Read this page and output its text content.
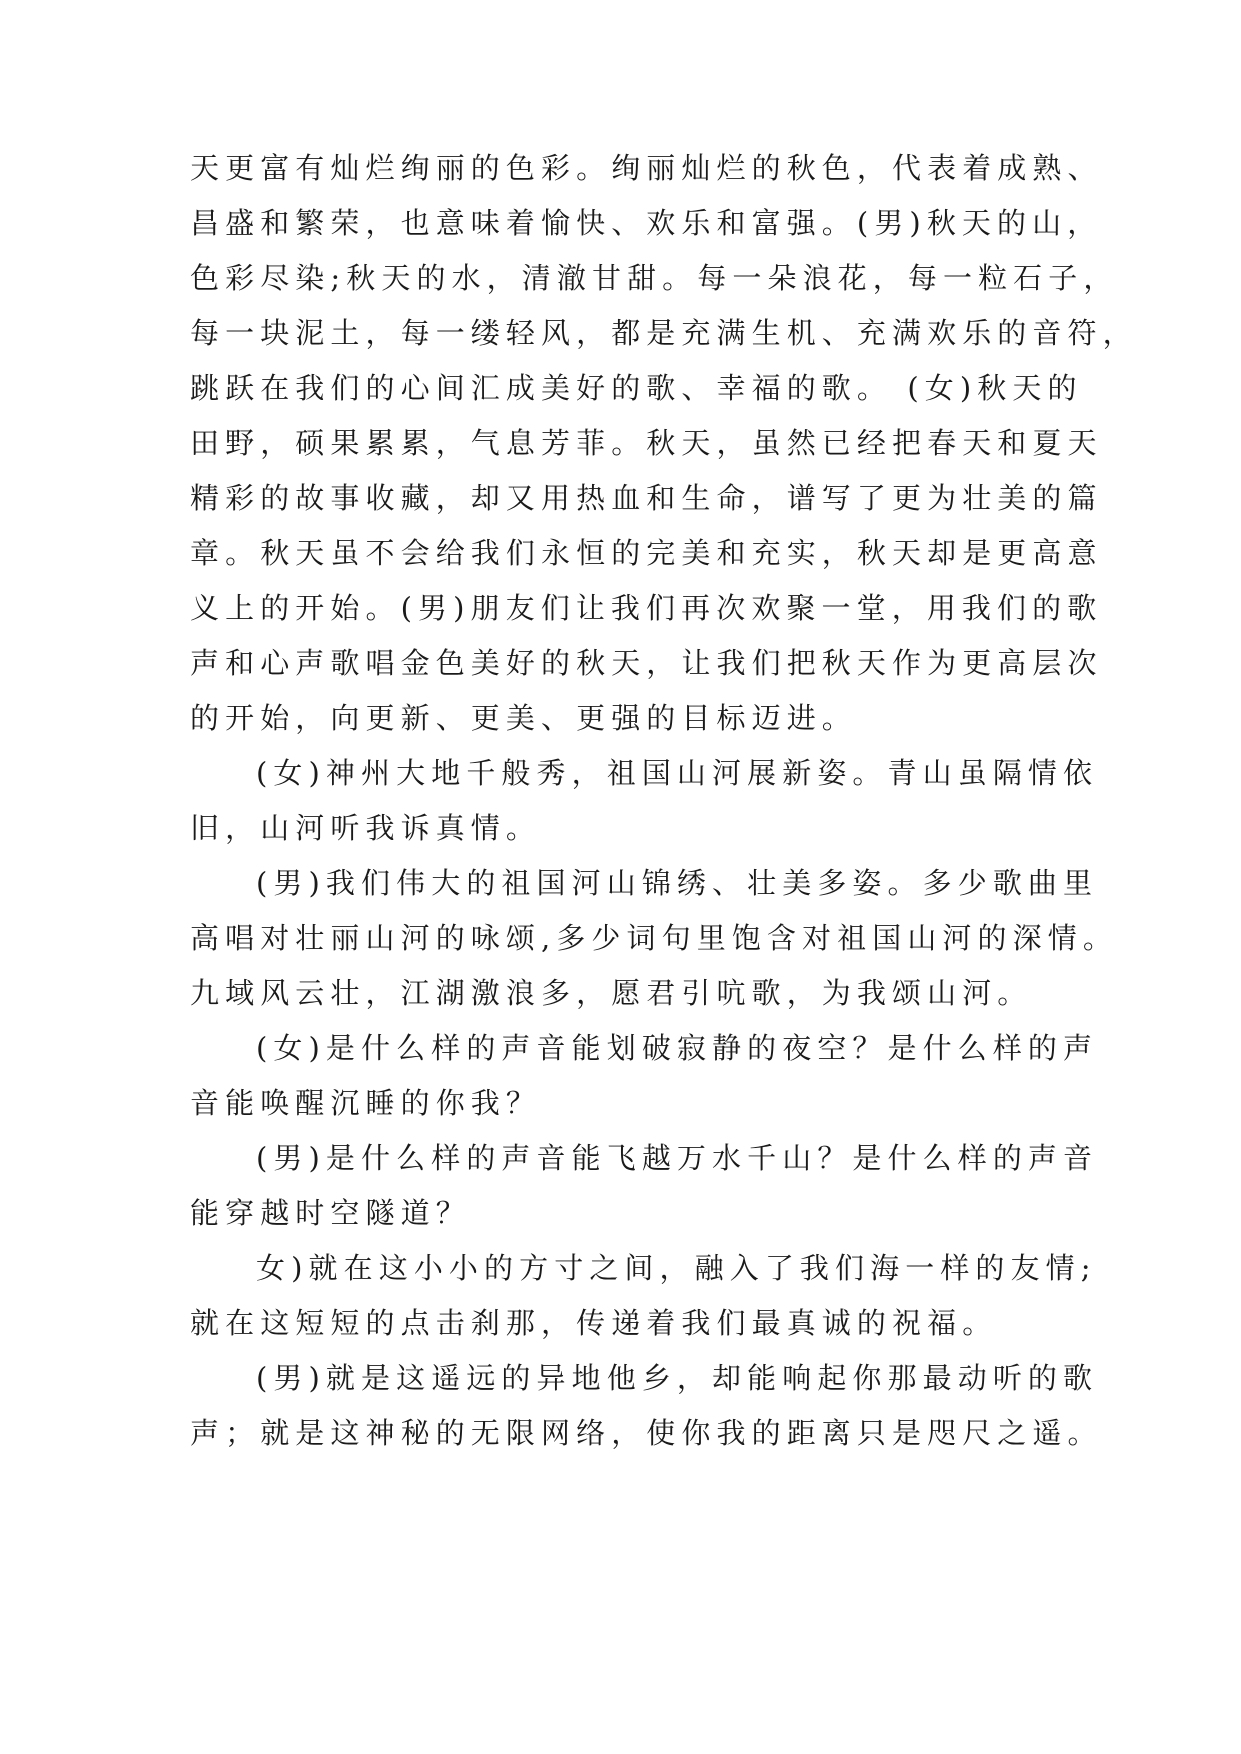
天更富有灿烂绚丽的色彩。绚丽灿烂的秋色，代表着成熟、
昌盛和繁荣，也意味着愉快、欢乐和富强。(男)秋天的山，
色彩尽染;秋天的水，清澈甘甜。每一朵浪花，每一粒石子，
每一块泥土，每一缕轻风，都是充满生机、充满欢乐的音符，
跳跃在我们的心间汇成美好的歌、幸福的歌。 (女)秋天的
田野，硕果累累，气息芳菲。秋天，虽然已经把春天和夏天
精彩的故事收藏，却又用热血和生命，谱写了更为壮美的篇
章。秋天虽不会给我们永恒的完美和充实，秋天却是更高意
义上的开始。(男)朋友们让我们再次欢聚一堂，用我们的歌
声和心声歌唱金色美好的秋天，让我们把秋天作为更高层次
的开始，向更新、更美、更强的目标迈进。
(女)神州大地千般秀，祖国山河展新姿。青山虽隔情依
旧，山河听我诉真情。
(男)我们伟大的祖国河山锦绣、壮美多姿。多少歌曲里
高唱对壮丽山河的咏颂,多少词句里饱含对祖国山河的深情。
九域风云壮，江湖激浪多，愿君引吭歌，为我颂山河。
(女)是什么样的声音能划破寂静的夜空？是什么样的声
音能唤醒沉睡的你我？
(男)是什么样的声音能飞越万水千山？是什么样的声音
能穿越时空隧道？
女)就在这小小的方寸之间，融入了我们海一样的友情;
就在这短短的点击刹那，传递着我们最真诚的祝福。
(男)就是这遥远的异地他乡，却能响起你那最动听的歌
声；就是这神秘的无限网络，使你我的距离只是咫尺之遥。
